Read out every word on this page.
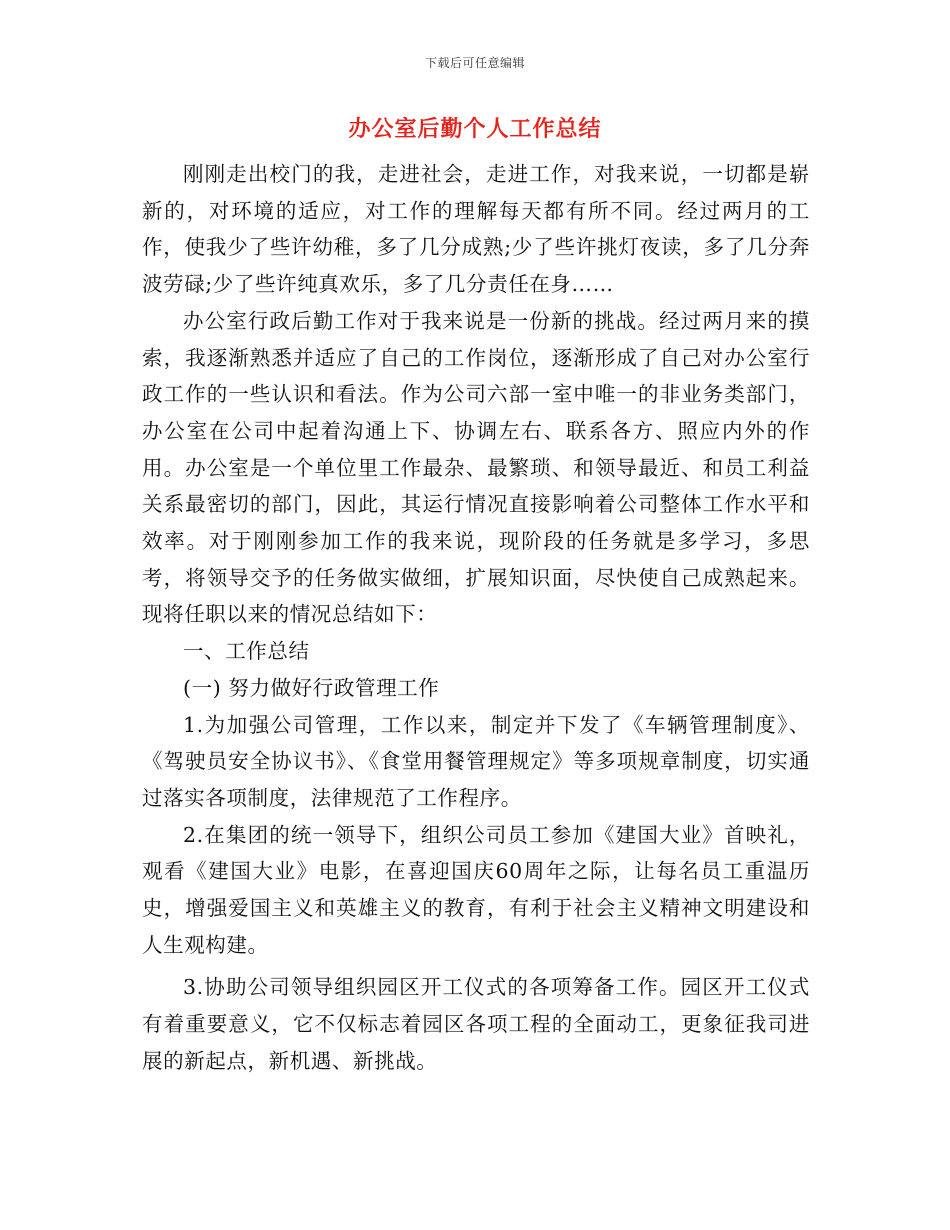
下载后可任意编辑
办公室后勤个人工作总结

刚刚走出校门的我，走进社会，走进工作，对我来说，一切都是崭新的，对环境的适应，对工作的理解每天都有所不同。经过两月的工作，使我少了些许幼稚，多了几分成熟;少了些许挑灯夜读，多了几分奔波劳碌;少了些许纯真欢乐，多了几分责任在身……

办公室行政后勤工作对于我来说是一份新的挑战。经过两月来的摸索，我逐渐熟悉并适应了自己的工作岗位，逐渐形成了自己对办公室行政工作的一些认识和看法。作为公司六部一室中唯一的非业务类部门，办公室在公司中起着沟通上下、协调左右、联系各方、照应内外的作用。办公室是一个单位里工作最杂、最繁琐、和领导最近、和员工利益关系最密切的部门，因此，其运行情况直接影响着公司整体工作水平和效率。对于刚刚参加工作的我来说，现阶段的任务就是多学习，多思考，将领导交予的任务做实做细，扩展知识面，尽快使自己成熟起来。现将任职以来的情况总结如下：

一、工作总结

(一) 努力做好行政管理工作

1.为加强公司管理，工作以来，制定并下发了《车辆管理制度》、《驾驶员安全协议书》、《食堂用餐管理规定》等多项规章制度，切实通过落实各项制度，法律规范了工作程序。

2.在集团的统一领导下，组织公司员工参加《建国大业》首映礼，观看《建国大业》电影，在喜迎国庆60周年之际，让每名员工重温历史，增强爱国主义和英雄主义的教育，有利于社会主义精神文明建设和人生观构建。

3.协助公司领导组织园区开工仪式的各项筹备工作。园区开工仪式有着重要意义，它不仅标志着园区各项工程的全面动工，更象征我司进展的新起点，新机遇、新挑战。
